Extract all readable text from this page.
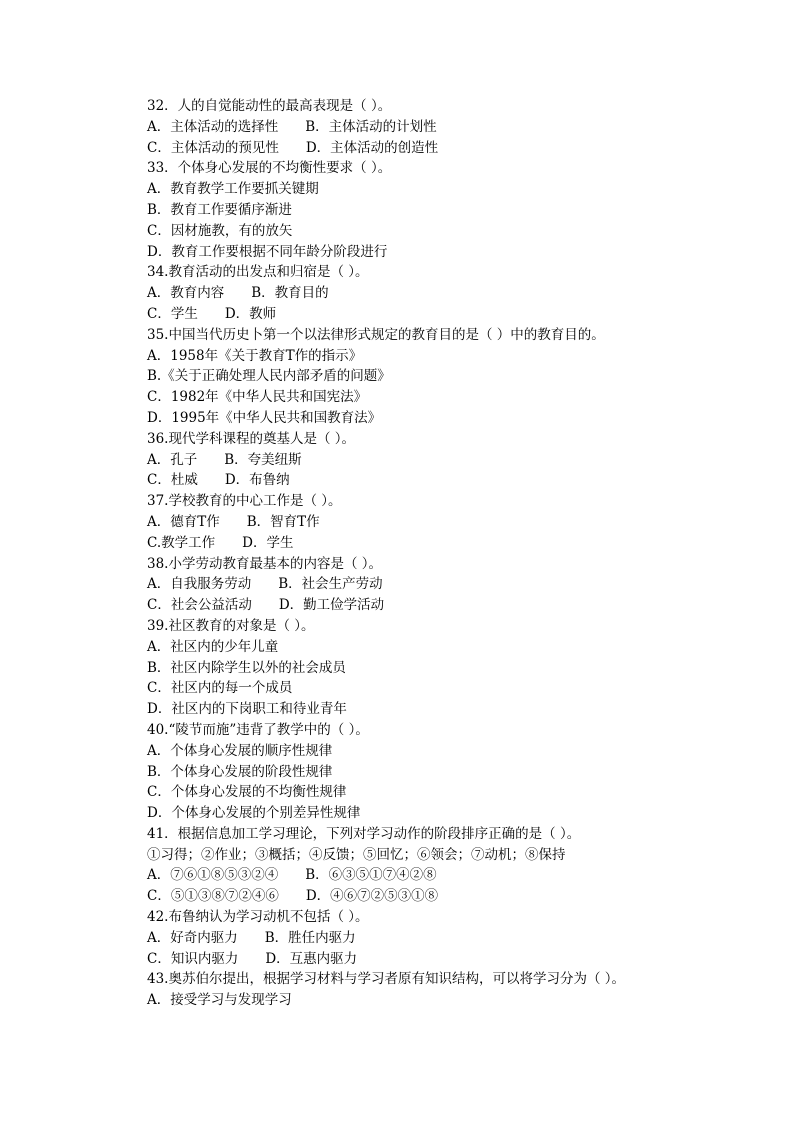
32．人的自觉能动性的最高表现是（ ）。
A．主体活动的选择性　　B．主体活动的计划性
C．主体活动的预见性　　D．主体活动的创造性
33．个体身心发展的不均衡性要求（ ）。
A．教育教学工作要抓关键期
B．教育工作要循序渐进
C．因材施教，有的放矢
D．教育工作要根据不同年龄分阶段进行
34.教育活动的出发点和归宿是（ ）。
A．教育内容　　B．教育目的
C．学生　　D．教师
35.中国当代历史卜第一个以法律形式规定的教育目的是（ ）中的教育目的。
A．1958年《关于教育T作的指示》
B.《关于正确处理人民内部矛盾的问题》
C．1982年《中华人民共和国宪法》
D．1995年《中华人民共和国教育法》
36.现代学科课程的奠基人是（ ）。
A．孔子　　B．夸美纽斯
C．杜威　　D．布鲁纳
37.学校教育的中心工作是（ ）。
A．德育T作　　B．智育T作
C.教学工作　　D．学生
38.小学劳动教育最基本的内容是（ ）。
A．自我服务劳动　　B．社会生产劳动
C．社会公益活动　　D．勤工俭学活动
39.社区教育的对象是（ ）。
A．社区内的少年儿童
B．社区内除学生以外的社会成员
C．社区内的每一个成员
D．社区内的下岗职工和待业青年
40.“陵节而施”违背了教学中的（ ）。
A．个体身心发展的顺序性规律
B．个体身心发展的阶段性规律
C．个体身心发展的不均衡性规律
D．个体身心发展的个别差异性规律
41．根据信息加工学习理论，下列对学习动作的阶段排序正确的是（ ）。
①习得；②作业；③概括；④反馈；⑤回忆；⑥领会；⑦动机；⑧保持
A．⑦⑥①⑧⑤③②④　　B．⑥③⑤①⑦④②⑧
C．⑤①③⑧⑦②④⑥　　D．④⑥⑦②⑤③①⑧
42.布鲁纳认为学习动机不包括（ ）。
A．好奇内驱力　　B．胜任内驱力
C．知识内驱力　　D．互惠内驱力
43.奥苏伯尔提出，根据学习材料与学习者原有知识结构，可以将学习分为（ ）。
A．接受学习与发现学习
